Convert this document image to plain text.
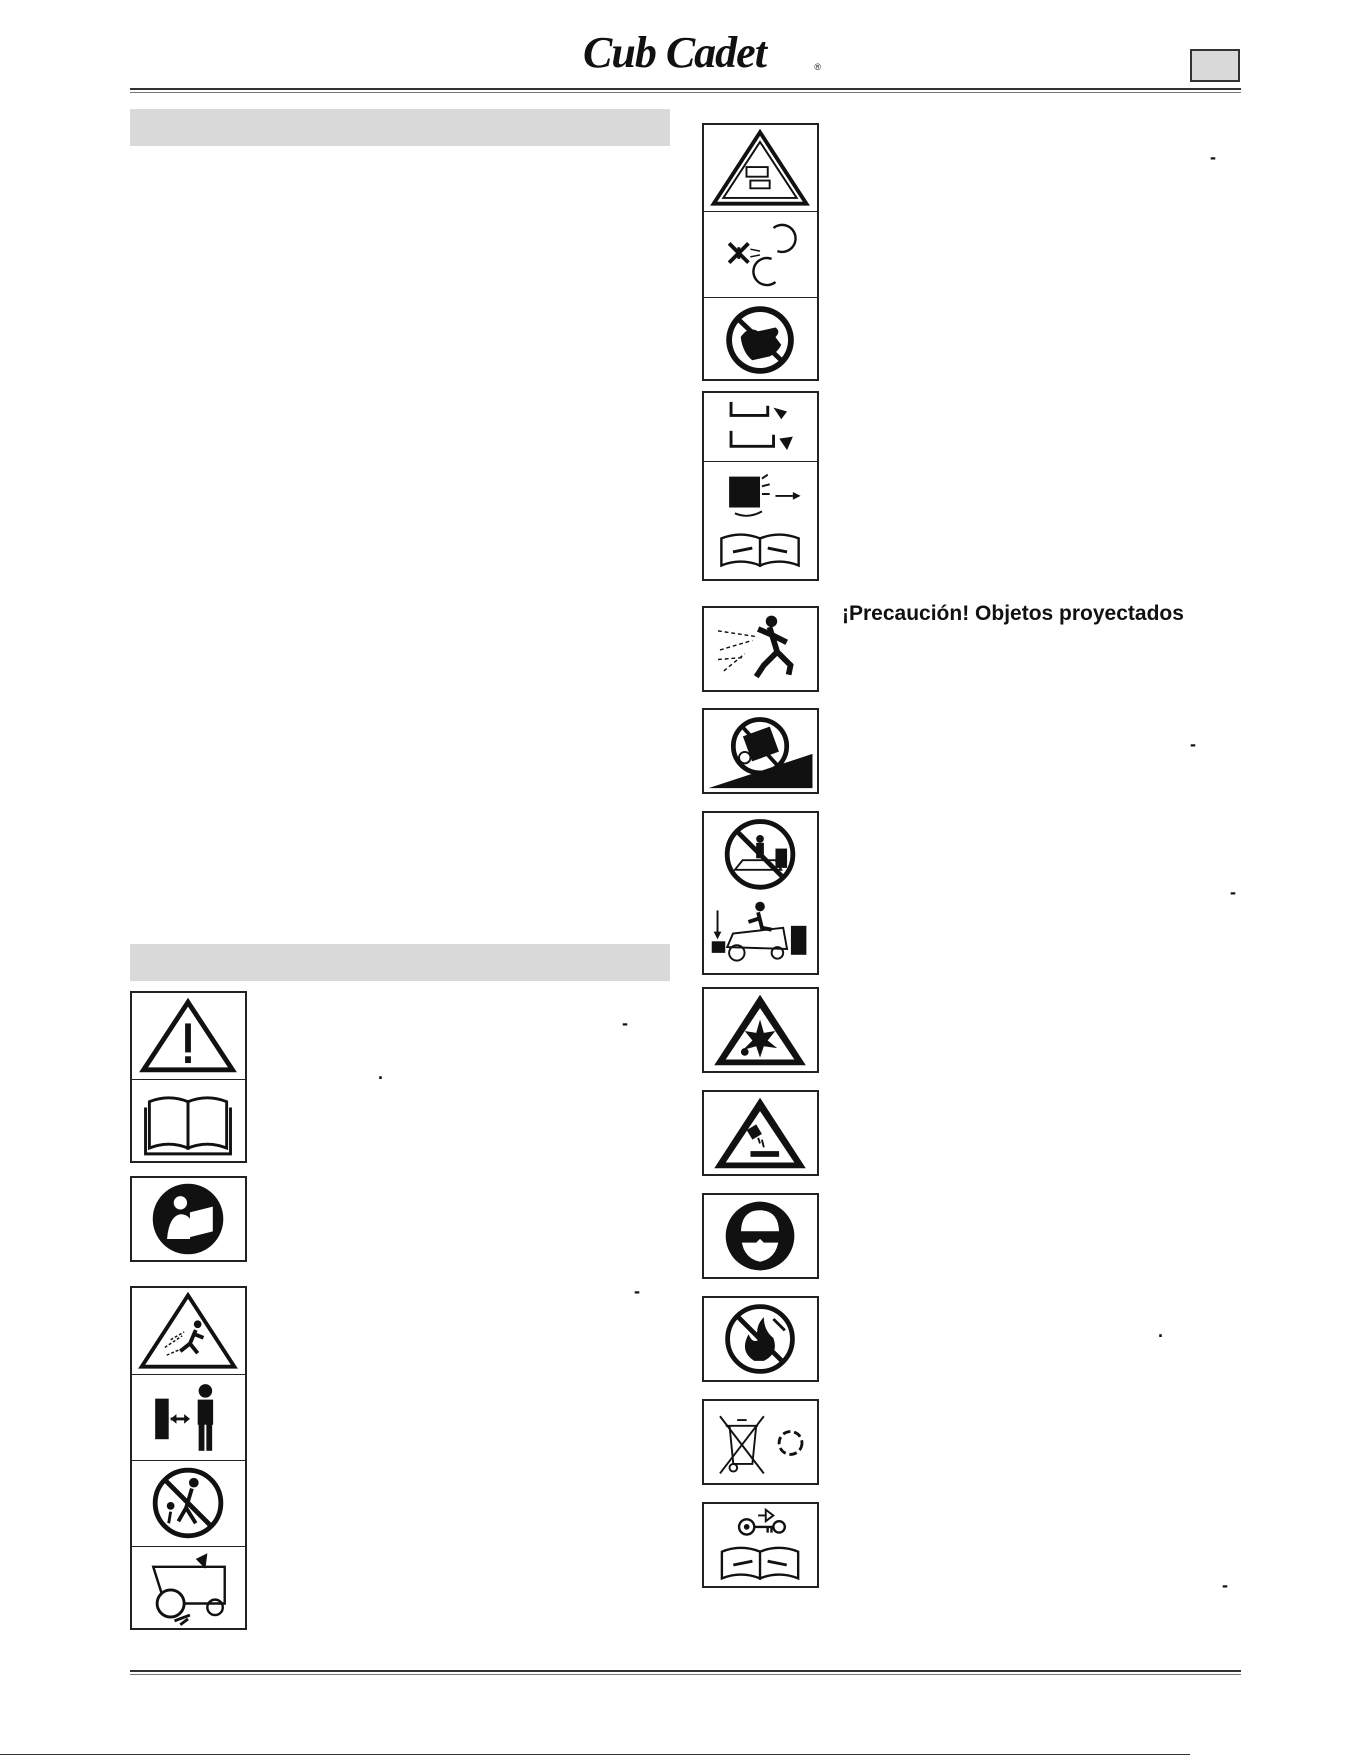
Cub Cadet	®
¡Precaución! Objetos proyectados
-
-
-
.
-
-
.
-
